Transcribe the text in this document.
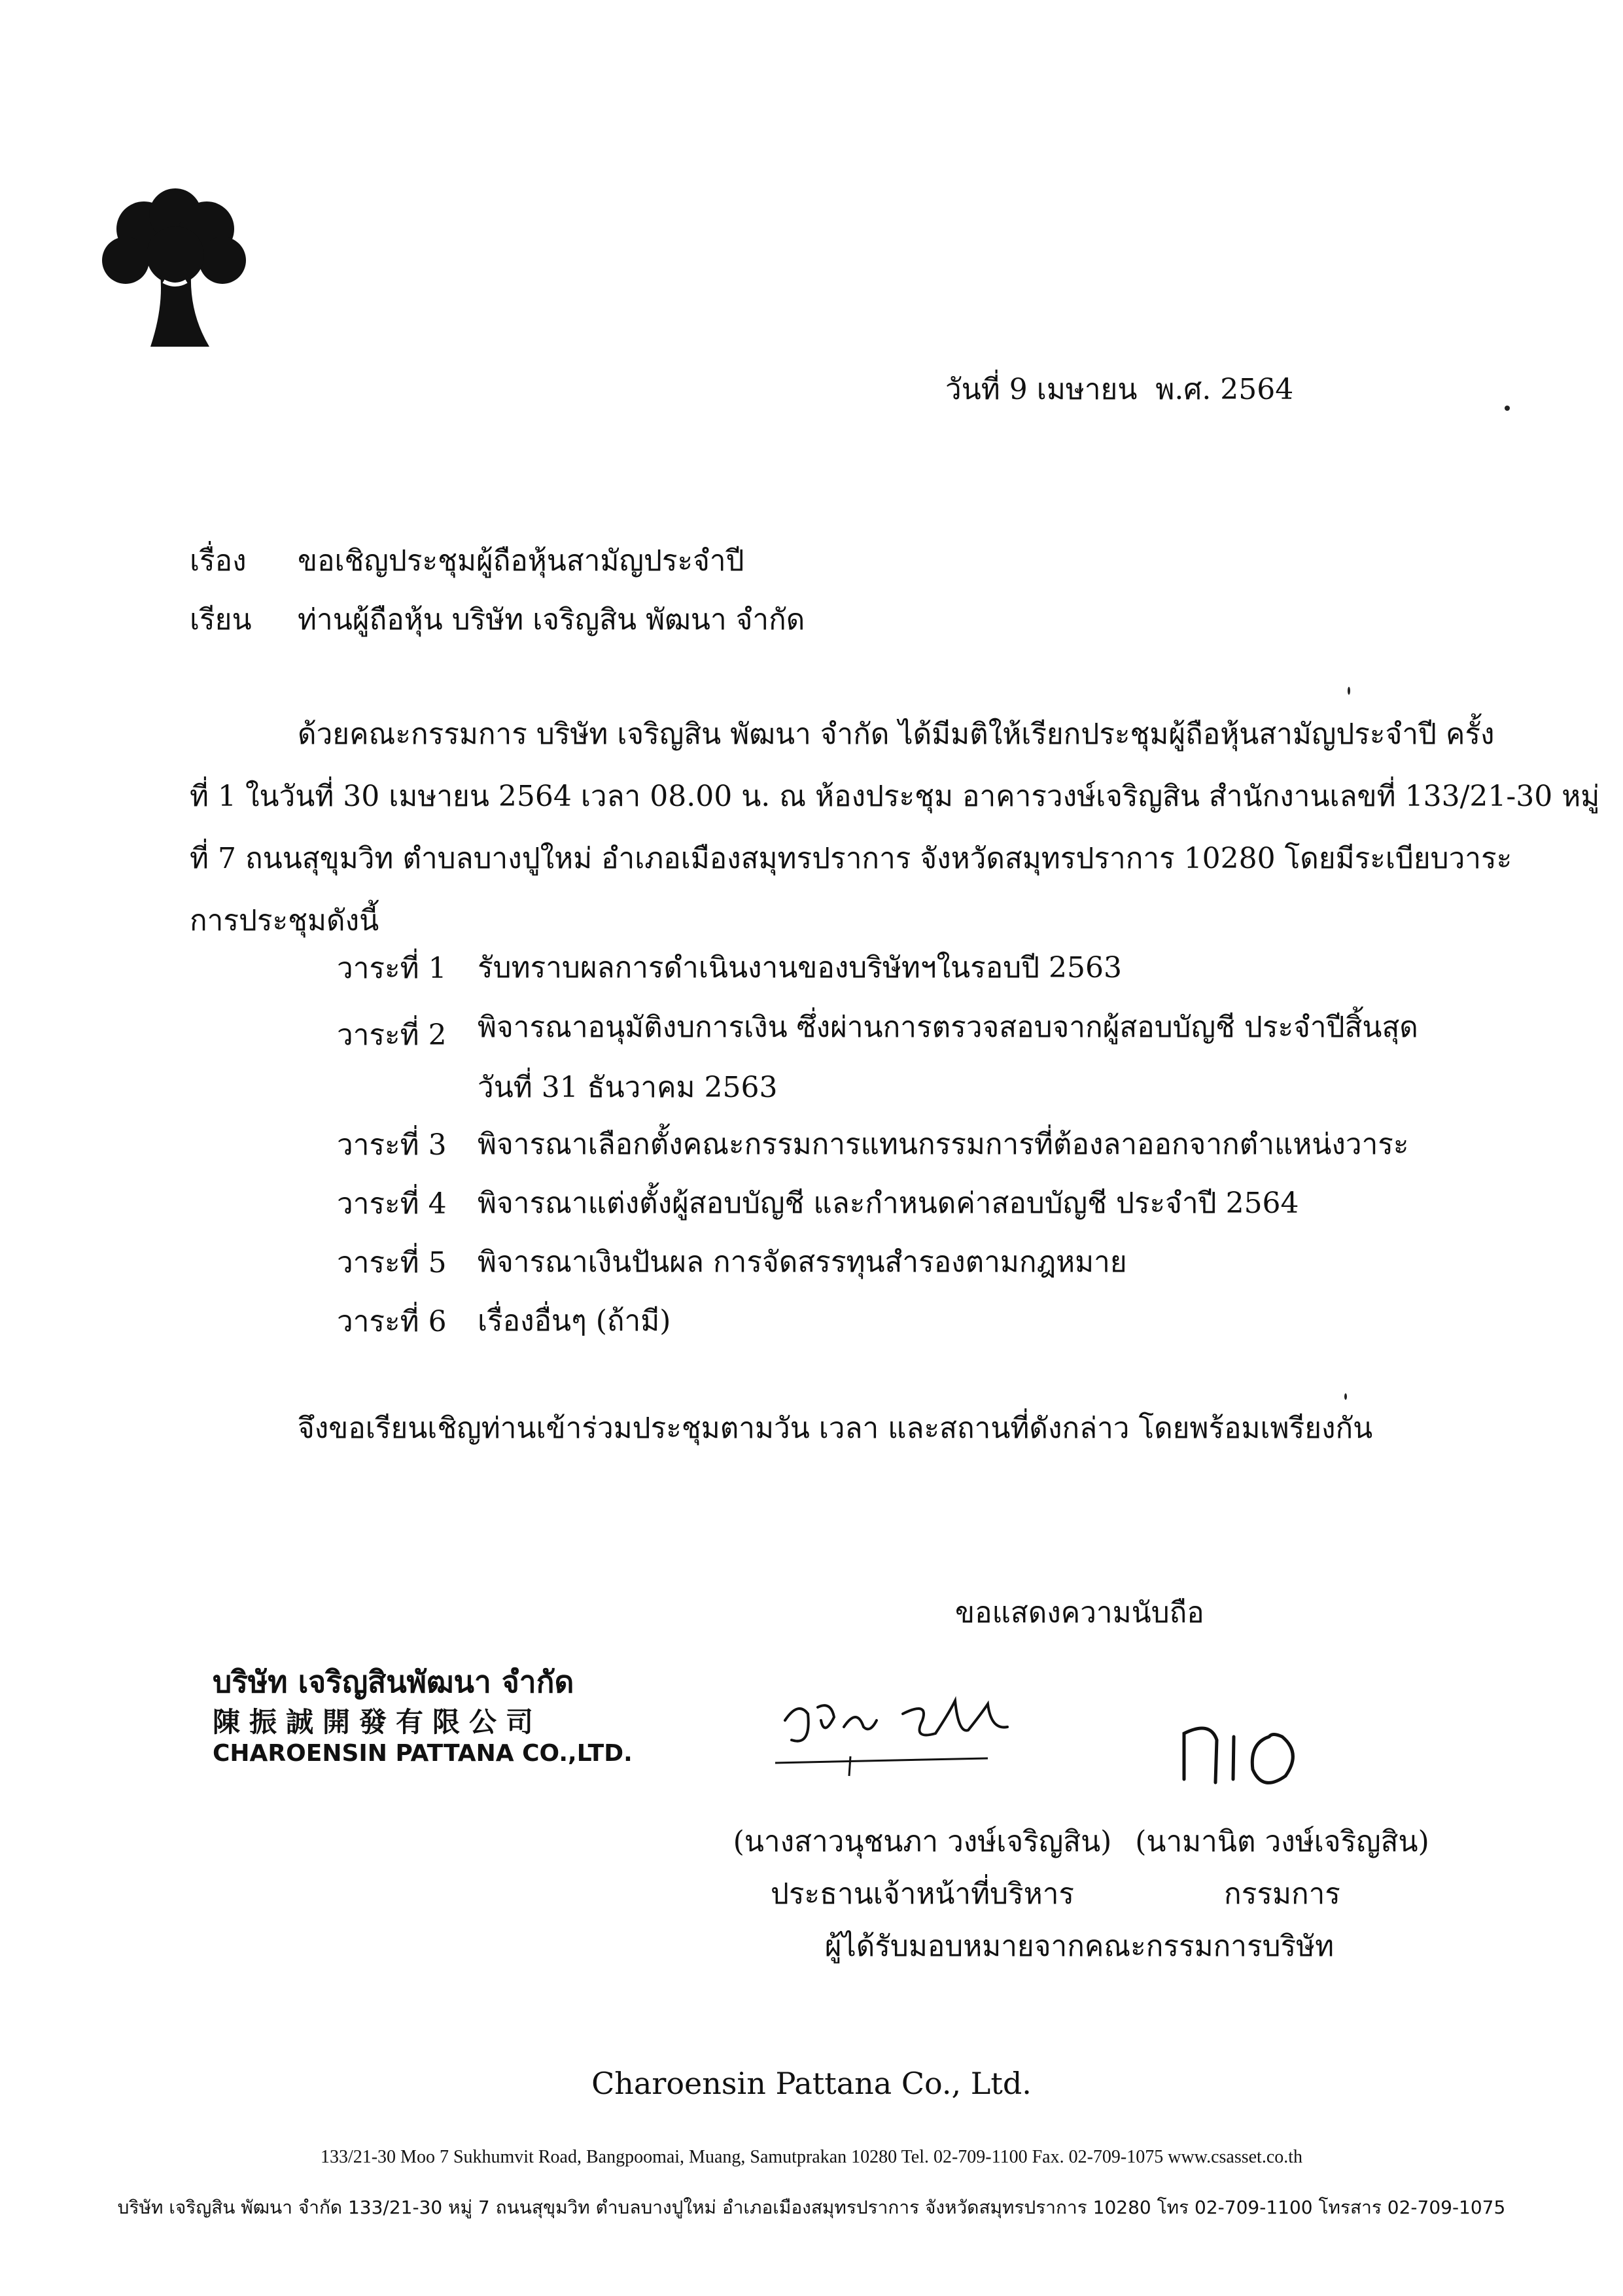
วันที่ 9 เมษายน พ.ศ. 2564
เรื่อง ขอเชิญประชุมผู้ถือหุ้นสามัญประจำปี
เรียน ท่านผู้ถือหุ้น บริษัท เจริญสิน พัฒนา จำกัด
ด้วยคณะกรรมการ บริษัท เจริญสิน พัฒนา จำกัด ได้มีมติให้เรียกประชุมผู้ถือหุ้นสามัญประจำปี ครั้ง
ที่ 1 ในวันที่ 30 เมษายน 2564 เวลา 08.00 น. ณ ห้องประชุม อาคารวงษ์เจริญสิน สำนักงานเลขที่ 133/21-30 หมู่
ที่ 7 ถนนสุขุมวิท ตำบลบางปูใหม่ อำเภอเมืองสมุทรปราการ จังหวัดสมุทรปราการ 10280 โดยมีระเบียบวาระ
การประชุมดังนี้
วาระที่ 1	รับทราบผลการดำเนินงานของบริษัทฯในรอบปี 2563
วาระที่ 2	พิจารณาอนุมัติงบการเงิน ซึ่งผ่านการตรวจสอบจากผู้สอบบัญชี ประจำปีสิ้นสุด
วันที่ 31 ธันวาคม 2563
วาระที่ 3	พิจารณาเลือกตั้งคณะกรรมการแทนกรรมการที่ต้องลาออกจากตำแหน่งวาระ
วาระที่ 4	พิจารณาแต่งตั้งผู้สอบบัญชี และกำหนดค่าสอบบัญชี ประจำปี 2564
วาระที่ 5	พิจารณาเงินปันผล การจัดสรรทุนสำรองตามกฎหมาย
วาระที่ 6	เรื่องอื่นๆ (ถ้ามี)
จึงขอเรียนเชิญท่านเข้าร่วมประชุมตามวัน เวลา และสถานที่ดังกล่าว โดยพร้อมเพรียงกัน
ขอแสดงความนับถือ
บริษัท เจริญสินพัฒนา จำกัด
陳振誠開發有限公司
CHAROENSIN PATTANA CO.,LTD.
(นางสาวนุชนภา วงษ์เจริญสิน) (นามานิต วงษ์เจริญสิน)
ประธานเจ้าหน้าที่บริหาร	กรรมการ
ผู้ได้รับมอบหมายจากคณะกรรมการบริษัท
Charoensin Pattana Co., Ltd.
133/21-30 Moo 7 Sukhumvit Road, Bangpoomai, Muang, Samutprakan 10280 Tel. 02-709-1100 Fax. 02-709-1075 www.csasset.co.th
บริษัท เจริญสิน พัฒนา จำกัด 133/21-30 หมู่ 7 ถนนสุขุมวิท ตำบลบางปูใหม่ อำเภอเมืองสมุทรปราการ จังหวัดสมุทรปราการ 10280 โทร 02-709-1100 โทรสาร 02-709-1075
